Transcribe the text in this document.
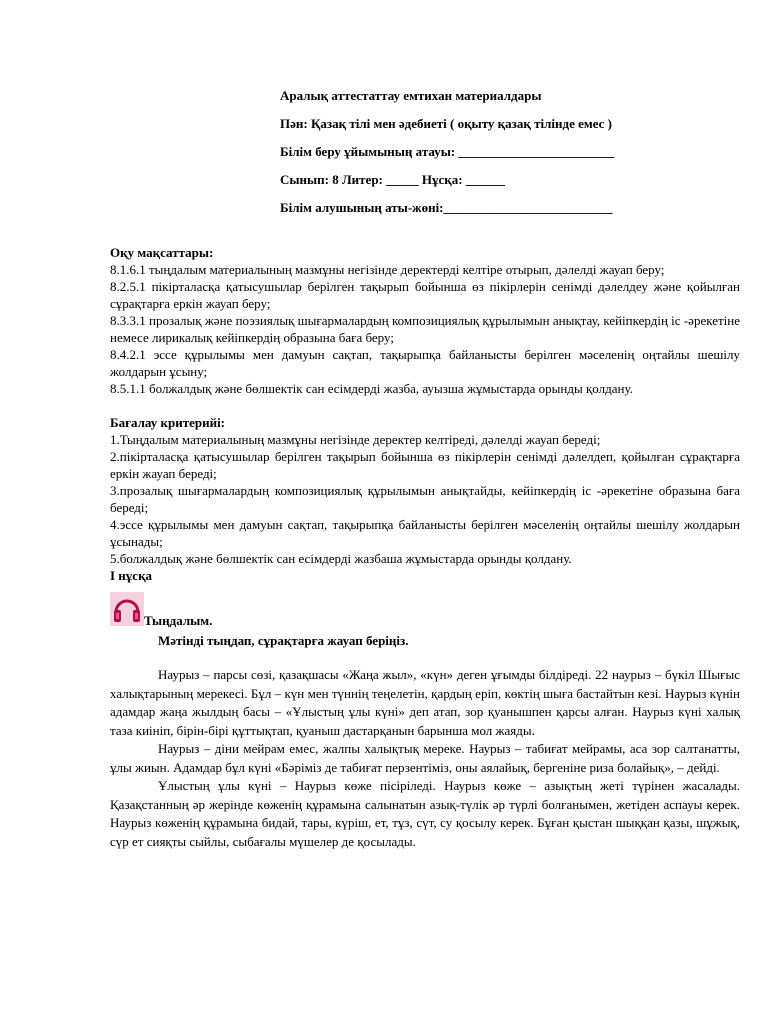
Аралық аттестаттау емтихан материалдары
Пән: Қазақ тілі мен әдебиеті ( оқыту қазақ тілінде емес )
Білім беру ұйымының атауы: ________________________
Сынып: 8 Литер: _____ Нұсқа: ______
Білім алушының аты-жөні:__________________________

Оқу мақсаттары:

8.1.6.1 тыңдалым материалының мазмұны негізінде деректерді келтіре отырып, дәлелді жауап беру;

8.2.5.1 пікірталасқа қатысушылар берілген тақырып бойынша өз пікірлерін сенімді дәлелдеу және қойылған сұрақтарға еркін жауап беру;

8.3.3.1 прозалық және поэзиялық шығармалардың композициялық құрылымын анықтау, кейіпкердің іс -әрекетіне немесе лирикалық кейіпкердің образына баға беру;

8.4.2.1 эссе құрылымы мен дамуын сақтап, тақырыпқа байланысты берілген мәселенің оңтайлы шешілу жолдарын ұсыну;

8.5.1.1 болжалдық және бөлшектік сан есімдерді жазба, ауызша жұмыстарда орынды қолдану.

Бағалау критерийі:

1.Тыңдалым материалының мазмұны негізінде деректер келтіреді, дәлелді жауап береді;

2.пікірталасқа қатысушылар берілген тақырып бойынша өз пікірлерін сенімді дәлелдеп, қойылған сұрақтарға еркін жауап береді;

3.прозалық шығармалардың композициялық құрылымын анықтайды, кейіпкердің іс -әрекетіне образына баға береді;

4.эссе құрылымы мен дамуын сақтап, тақырыпқа байланысты берілген мәселенің оңтайлы шешілу жолдарын ұсынады;

5.болжалдық және бөлшектік сан есімдерді жазбаша жұмыстарда орынды қолдану.

І нұсқа

Тыңдалым.

Мәтінді тыңдап, сұрақтарға жауап беріңіз.

Наурыз – парсы сөзі, қазақшасы «Жаңа жыл», «күн» деген ұғымды білдіреді. 22 наурыз – бүкіл Шығыс халықтарының мерекесі. Бұл – күн мен түннің теңелетін, қардың еріп, көктің шыға бастайтын кезі. Наурыз күнін адамдар жаңа жылдың басы – «Ұлыстың ұлы күні» деп атап, зор қуанышпен қарсы алған. Наурыз күні халық таза киініп, бірін-бірі құттықтап, қуаныш дастарқанын барынша мол жаяды.

Наурыз – діни мейрам емес, жалпы халықтық мереке. Наурыз – табиғат мейрамы, аса зор салтанатты, ұлы жиын. Адамдар бұл күні «Бәріміз де табиғат перзентіміз, оны аялайық, бергеніне риза болайық», – дейді.

Ұлыстың ұлы күні – Наурыз көже пісіріледі. Наурыз көже – азықтың жеті түрінен жасалады. Қазақстанның әр жерінде көженің құрамына салынатын азық-түлік әр түрлі болғанымен, жетіден аспауы керек. Наурыз көженің құрамына бидай, тары, күріш, ет, тұз, сүт, су қосылу керек. Бұған қыстан шыққан қазы, шұжық, сүр ет сияқты сыйлы, сыбағалы мүшелер де қосылады.
